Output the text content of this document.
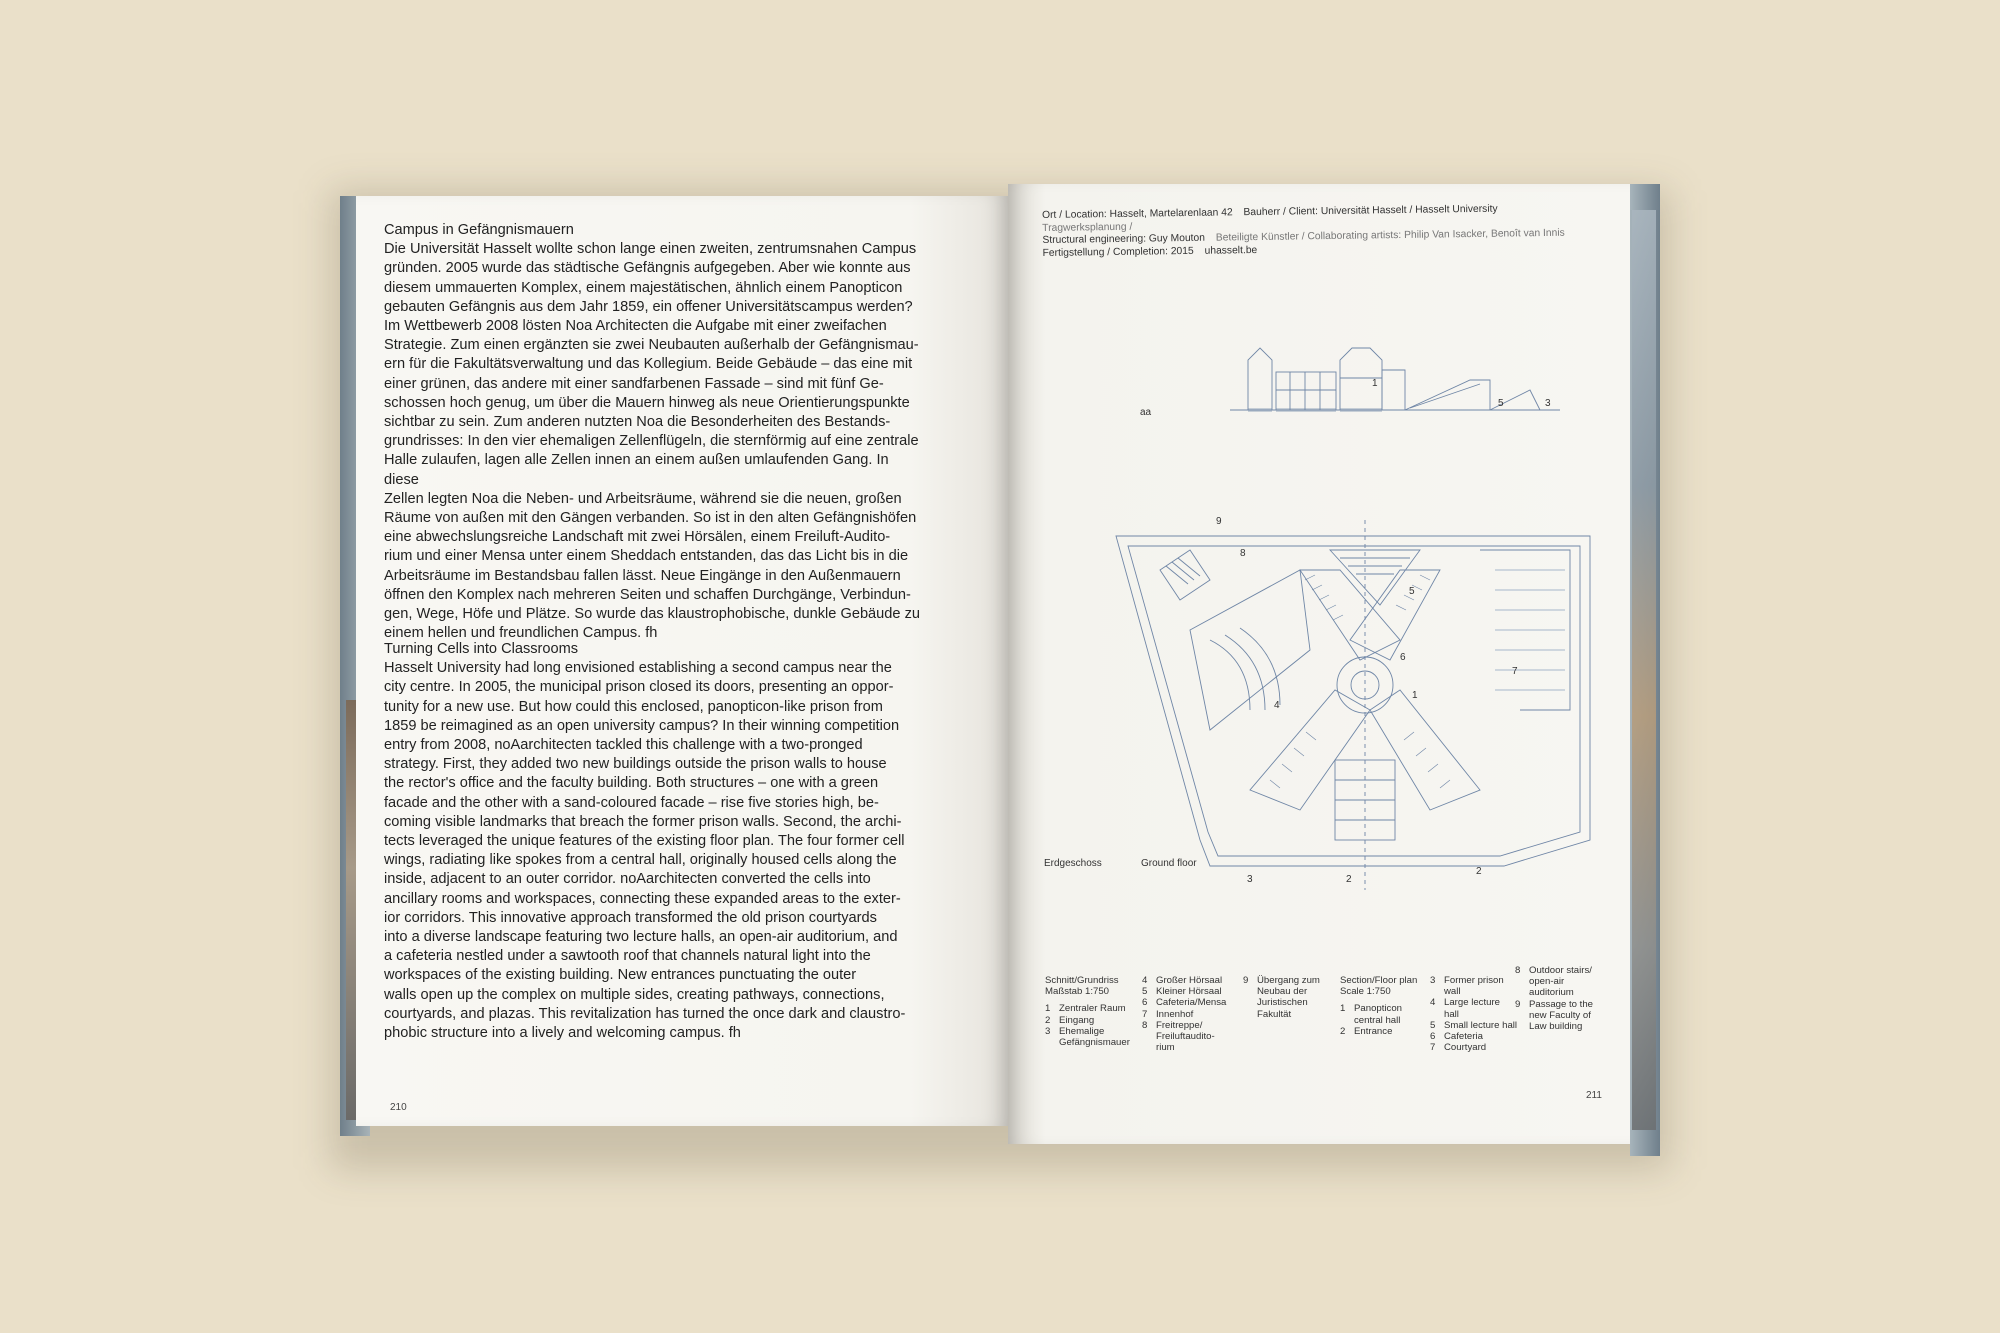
Campus in Gefängnismauern

Die Universität Hasselt wollte schon lange einen zweiten, zentrumsnahen Campus
gründen. 2005 wurde das städtische Gefängnis aufgegeben. Aber wie konnte aus
diesem ummauerten Komplex, einem majestätischen, ähnlich einem Panopticon
gebauten Gefängnis aus dem Jahr 1859, ein offener Universitätscampus werden?
Im Wettbewerb 2008 lösten Noa Architecten die Aufgabe mit einer zweifachen
Strategie. Zum einen ergänzten sie zwei Neubauten außerhalb der Gefängnismau-
ern für die Fakultätsverwaltung und das Kollegium. Beide Gebäude – das eine mit
einer grünen, das andere mit einer sandfarbenen Fassade – sind mit fünf Ge-
schossen hoch genug, um über die Mauern hinweg als neue Orientierungspunkte
sichtbar zu sein. Zum anderen nutzten Noa die Besonderheiten des Bestands-
grundrisses: In den vier ehemaligen Zellenflügeln, die sternförmig auf eine zentrale
Halle zulaufen, lagen alle Zellen innen an einem außen umlaufenden Gang. In diese
Zellen legten Noa die Neben- und Arbeitsräume, während sie die neuen, großen
Räume von außen mit den Gängen verbanden. So ist in den alten Gefängnishöfen
eine abwechslungsreiche Landschaft mit zwei Hörsälen, einem Freiluft-Audito-
rium und einer Mensa unter einem Sheddach entstanden, das das Licht bis in die
Arbeitsräume im Bestandsbau fallen lässt. Neue Eingänge in den Außenmauern
öffnen den Komplex nach mehreren Seiten und schaffen Durchgänge, Verbindun-
gen, Wege, Höfe und Plätze. So wurde das klaustrophobische, dunkle Gebäude zu
einem hellen und freundlichen Campus. fh

Turning Cells into Classrooms

Hasselt University had long envisioned establishing a second campus near the
city centre. In 2005, the municipal prison closed its doors, presenting an oppor-
tunity for a new use. But how could this enclosed, panopticon-like prison from
1859 be reimagined as an open university campus? In their winning competition
entry from 2008, noAarchitecten tackled this challenge with a two-pronged
strategy. First, they added two new buildings outside the prison walls to house
the rector's office and the faculty building. Both structures – one with a green
facade and the other with a sand-coloured facade – rise five stories high, be-
coming visible landmarks that breach the former prison walls. Second, the archi-
tects leveraged the unique features of the existing floor plan. The four former cell
wings, radiating like spokes from a central hall, originally housed cells along the
inside, adjacent to an outer corridor. noAarchitecten converted the cells into
ancillary rooms and workspaces, connecting these expanded areas to the exter-
ior corridors. This innovative approach transformed the old prison courtyards
into a diverse landscape featuring two lecture halls, an open-air auditorium, and
a cafeteria nestled under a sawtooth roof that channels natural light into the
workspaces of the existing building. New entrances punctuating the outer
walls open up the complex on multiple sides, creating pathways, connections,
courtyards, and plazas. This revitalization has turned the once dark and claustro-
phobic structure into a lively and welcoming campus. fh

210
Ort / Location: Hasselt, Martelarenlaan 42 Bauherr / Client: Universität Hasselt / Hasselt University Tragwerksplanung /
Structural engineering: Guy Mouton Beteiligte Künstler / Collaborating artists: Philip Van Isacker, Benoît van Innis
Fertigstellung / Completion: 2015 uhasselt.be
1
5	3
aa
1
2
2
3
4
5
6
7
8
9
Erdgeschoss	Ground floor
Schnitt/Grundriss
Maßstab 1:750
1 Zentraler Raum
2 Eingang
3 Ehemalige
Gefängnismauer
4 Großer Hörsaal
5 Kleiner Hörsaal
6 Cafeteria/Mensa
7 Innenhof
8 Freitreppe/
Freiluftaudito-
rium
9 Übergang zum
Neubau der
Juristischen
Fakultät
Section/Floor plan
Scale 1:750
1 Panopticon
central hall
2 Entrance
3 Former prison
wall
4 Large lecture
hall
5 Small lecture hall
6 Cafeteria
7 Courtyard
8 Outdoor stairs/
open-air
auditorium
9 Passage to the
new Faculty of
Law building
211
